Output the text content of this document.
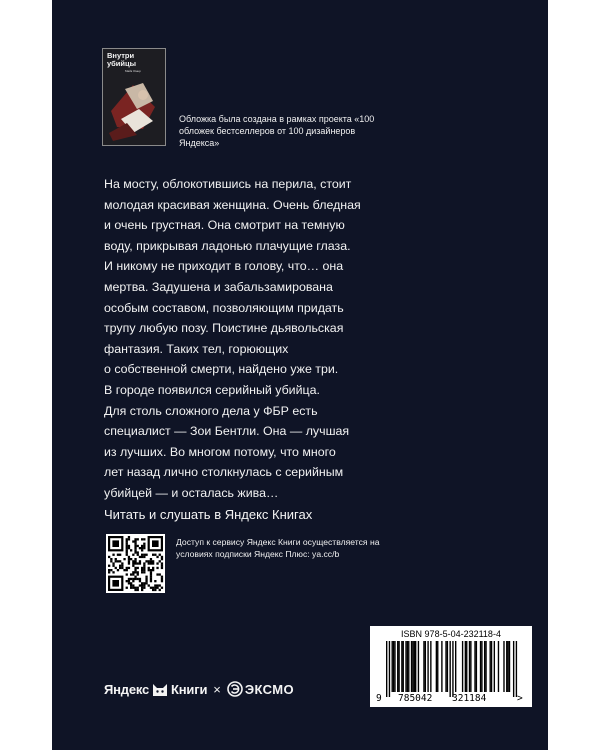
Внутри убийцы
Майк Омер
Обложка была создана в рамках проекта «100 обложек бестселлеров от 100 дизайнеров Яндекса»

На мосту, облокотившись на перила, стоит
молодая красивая женщина. Очень бледная
и очень грустная. Она смотрит на темную
воду, прикрывая ладонью плачущие глаза.
И никому не приходит в голову, что… она
мертва. Задушена и забальзамирована
особым составом, позволяющим придать
трупу любую позу. Поистине дьявольская
фантазия. Таких тел, горюющих
о собственной смерти, найдено уже три.
В городе появился серийный убийца.
Для столь сложного дела у ФБР есть
специалист — Зои Бентли. Она — лучшая
из лучших. Во многом потому, что много
лет назад лично столкнулась с серийным
убийцей — и осталась жива…

Читать и слушать в Яндекс Книгах
Доступ к сервису Яндекс Книги осуществляется на условиях подписки Яндекс Плюс: ya.cc/b
ISBN 978-5-04-232118-4
9 785042 321184	>
Яндекс Книги × ЭКСМО
